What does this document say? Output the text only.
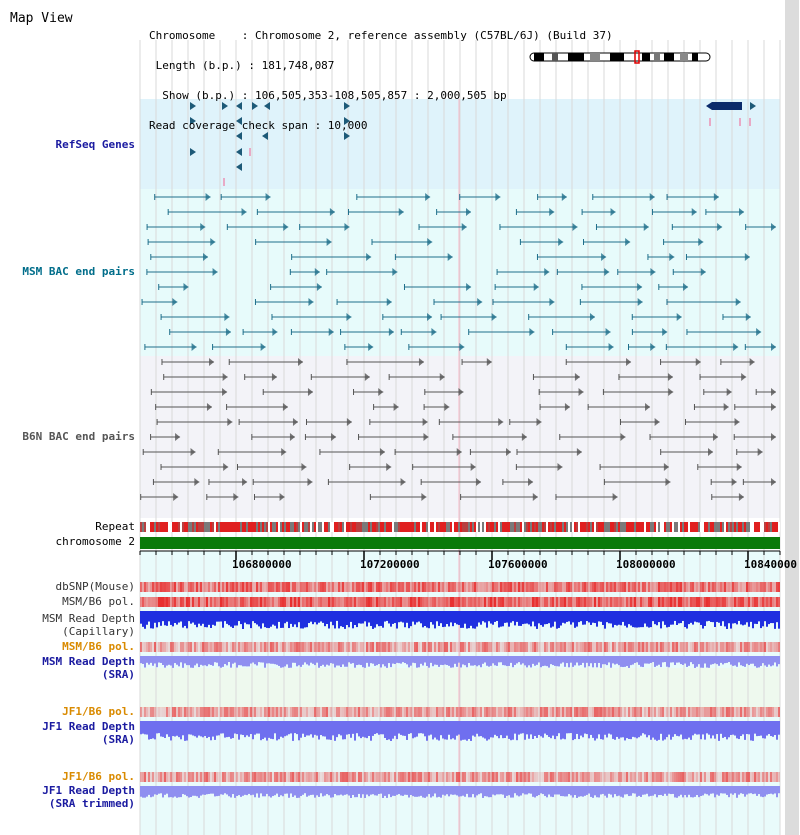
Map View

Chromosome    : Chromosome 2, reference assembly (C57BL/6J) (Build 37)

Length (b.p.) : 181,748,087

Show (b.p.) : 106,505,353-108,505,857 : 2,000,505 bp

Read coverage check span : 10,000

RefSeq Genes
MSM BAC end pairs
B6N BAC end pairs
Repeat
chromosome 2
dbSNP(Mouse)
MSM/B6 pol.
MSM Read Depth
(Capillary)
MSM/B6 pol.
MSM Read Depth
(SRA)
JF1/B6 pol.
JF1 Read Depth
(SRA)
JF1/B6 pol.
JF1 Read Depth
(SRA trimmed)
106800000	107200000	107600000	108000000	10840000
